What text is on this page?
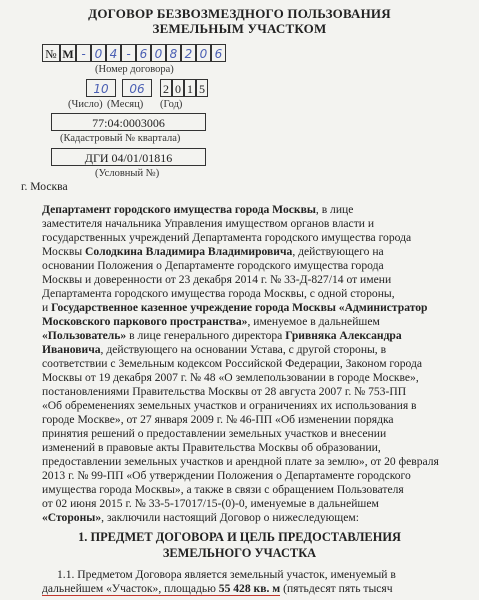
ДОГОВОР БЕЗВОЗМЕЗДНОГО ПОЛЬЗОВАНИЯ
ЗЕМЕЛЬНЫМ УЧАСТКОМ
№ М - 0 4 - 6 0 8 2 0 6
(Номер договора)
10	06	2 0 1 5
(Число) (Месяц) (Год)
77:04:0003006
(Кадастровый № квартала)
ДГИ 04/01/01816
(Условный №)
г. Москва
Департамент городского имущества города Москвы, в лице
заместителя начальника Управления имуществом органов власти и
государственных учреждений Департамента городского имущества города
Москвы Солодкина Владимира Владимировича, действующего на
основании Положения о Департаменте городского имущества города
Москвы и доверенности от 23 декабря 2014 г. № 33-Д-827/14 от имени
Департамента городского имущества города Москвы, с одной стороны,
и Государственное казенное учреждение города Москвы «Администратор
Московского паркового пространства», именуемое в дальнейшем
«Пользователь» в лице генерального директора Гривняка Александра
Ивановича, действующего на основании Устава, с другой стороны, в
соответствии с Земельным кодексом Российской Федерации, Законом города
Москвы от 19 декабря 2007 г. № 48 «О землепользовании в городе Москве»,
постановлениями Правительства Москвы от 28 августа 2007 г. № 753-ПП
«Об обременениях земельных участков и ограничениях их использования в
городе Москве», от 27 января 2009 г. № 46-ПП «Об изменении порядка
принятия решений о предоставлении земельных участков и внесении
изменений в правовые акты Правительства Москвы об образовании,
предоставлении земельных участков и арендной плате за землю», от 20 февраля
2013 г. № 99-ПП «Об утверждении Положения о Департаменте городского
имущества города Москвы», а также в связи с обращением Пользователя
от 02 июня 2015 г. № 33-5-17017/15-(0)-0, именуемые в дальнейшем
«Стороны», заключили настоящий Договор о нижеследующем:
1. ПРЕДМЕТ ДОГОВОРА И ЦЕЛЬ ПРЕДОСТАВЛЕНИЯ
ЗЕМЕЛЬНОГО УЧАСТКА
1.1. Предметом Договора является земельный участок, именуемый в
дальнейшем «Участок», площадью 55 428 кв. м (пятьдесят пять тысяч
